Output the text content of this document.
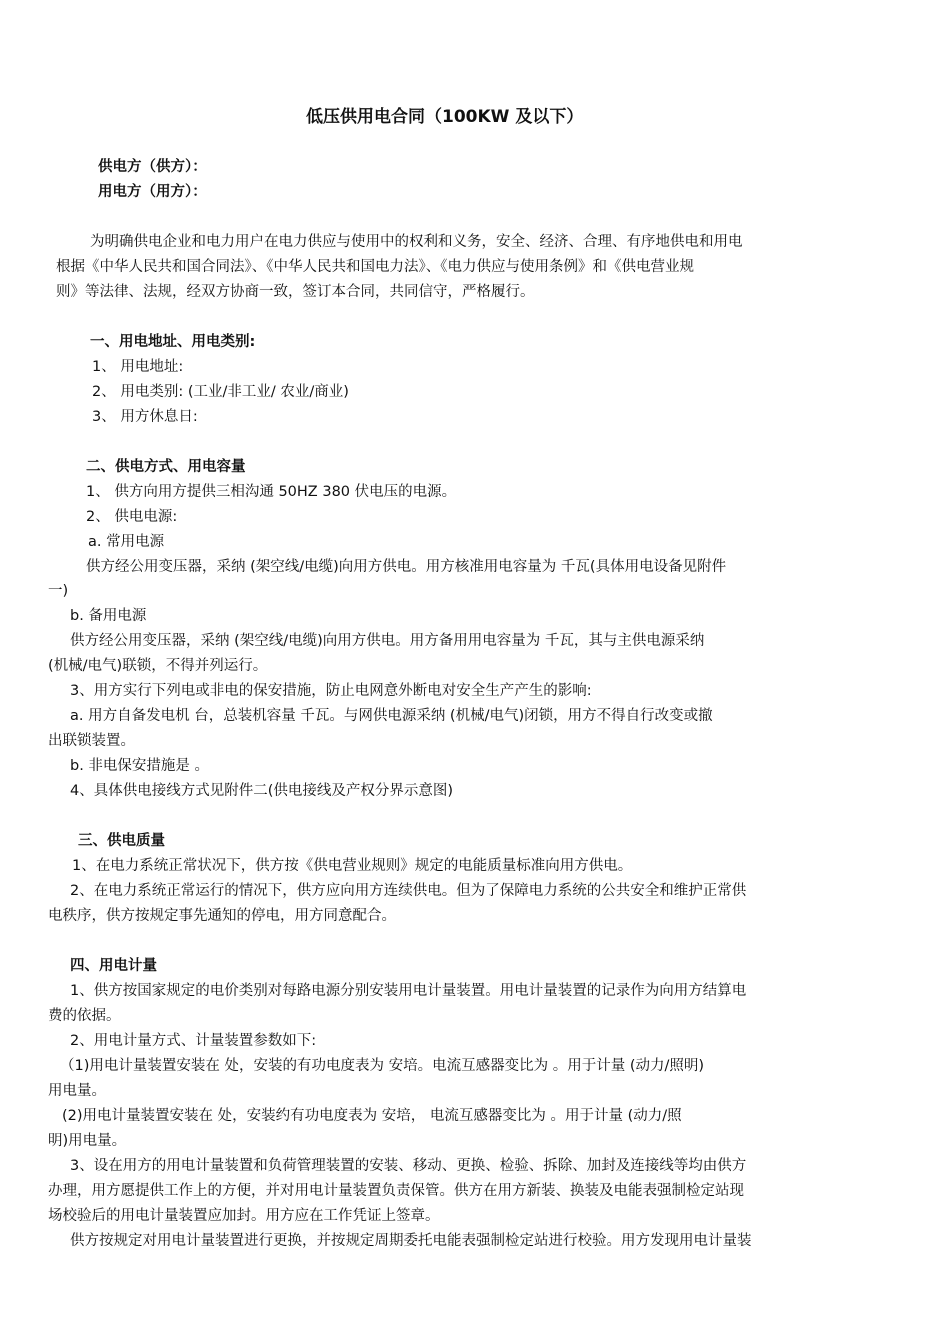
低压供用电合同（100KW 及以下）
供电方（供方）：
用电方（用方）：
为明确供电企业和电力用户在电力供应与使用中的权利和义务，安全、经济、合理、有序地供电和用电
根据《中华人民共和国合同法》、《中华人民共和国电力法》、《电力供应与使用条例》和《供电营业规
则》等法律、法规，经双方协商一致，签订本合同，共同信守，严格履行。
一、用电地址、用电类别:
1、 用电地址:
2、 用电类别: (工业/非工业/ 农业/商业)
3、 用方休息日:
二、供电方式、用电容量
1、 供方向用方提供三相沟通 50HZ 380 伏电压的电源。
2、 供电电源:
a. 常用电源
供方经公用变压器，采纳 (架空线/电缆)向用方供电。用方核准用电容量为 千瓦(具体用电设备见附件
一)
b. 备用电源
供方经公用变压器，采纳 (架空线/电缆)向用方供电。用方备用用电容量为 千瓦，其与主供电源采纳
(机械/电气)联锁，不得并列运行。
3、用方实行下列电或非电的保安措施，防止电网意外断电对安全生产产生的影响:
a. 用方自备发电机 台，总装机容量 千瓦。与网供电源采纳 (机械/电气)闭锁，用方不得自行改变或撤
出联锁装置。
b. 非电保安措施是 。
4、具体供电接线方式见附件二(供电接线及产权分界示意图)
三、供电质量
1、在电力系统正常状况下，供方按《供电营业规则》规定的电能质量标准向用方供电。
2、在电力系统正常运行的情况下，供方应向用方连续供电。但为了保障电力系统的公共安全和维护正常供
电秩序，供方按规定事先通知的停电，用方同意配合。
四、用电计量
1、供方按国家规定的电价类别对每路电源分别安装用电计量装置。用电计量装置的记录作为向用方结算电
费的依据。
2、用电计量方式、计量装置参数如下:
（1)用电计量装置安装在 处，安装的有功电度表为 安培。电流互感器变比为 。用于计量 (动力/照明)
用电量。
(2)用电计量装置安装在 处，安装约有功电度表为 安培， 电流互感器变比为 。用于计量 (动力/照
明)用电量。
3、设在用方的用电计量装置和负荷管理装置的安装、移动、更换、检验、拆除、加封及连接线等均由供方
办理，用方愿提供工作上的方便，并对用电计量装置负责保管。供方在用方新装、换装及电能表强制检定站现
场校验后的用电计量装置应加封。用方应在工作凭证上签章。
供方按规定对用电计量装置进行更换，并按规定周期委托电能表强制检定站进行校验。用方发现用电计量装
